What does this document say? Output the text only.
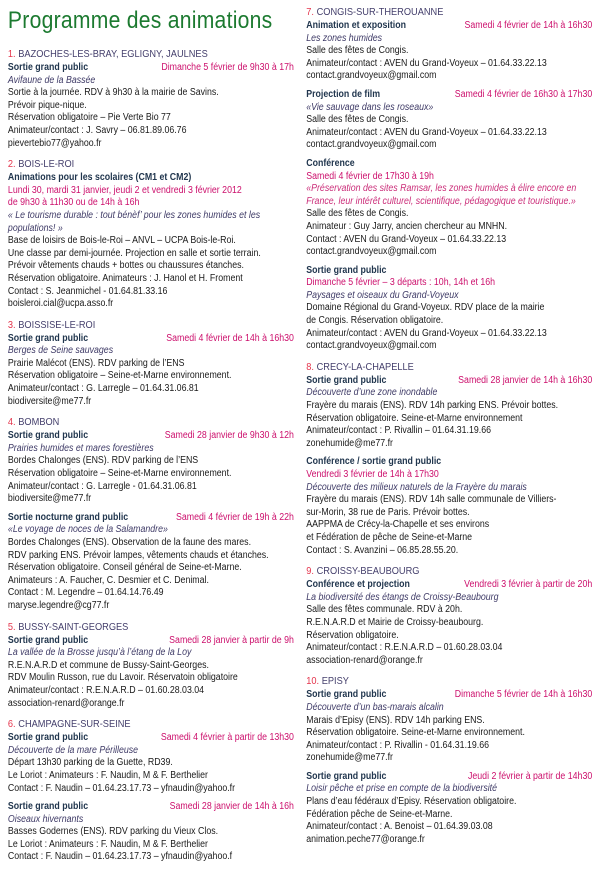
Programme des animations
1. BAZOCHES-LES-BRAY, EGLIGNY, JAULNES
Sortie grand public	Dimanche 5 février de 9h30 à 17h
Avifaune de la Bassée
Sortie à la journée. RDV à 9h30 à la mairie de Savins.
Prévoir pique-nique.
Réservation obligatoire – Pie Verte Bio 77
Animateur/contact : J. Savry – 06.81.89.06.76
pievertebio77@yahoo.fr
2. BOIS-LE-ROI
Animations pour les scolaires (CM1 et CM2)
Lundi 30, mardi 31 janvier, jeudi 2 et vendredi 3 février 2012
de 9h30 à 11h30 ou de 14h à 16h
« Le tourisme durable : tout bénèf’ pour les zones humides et les populations! »
Base de loisirs de Bois-le-Roi – ANVL – UCPA Bois-le-Roi.
Une classe par demi-journée. Projection en salle et sortie terrain.
Prévoir vêtements chauds + bottes ou chaussures étanches.
Réservation obligatoire. Animateurs : J. Hanol et H. Froment
Contact : S. Jeanmichel - 01.64.81.33.16
boisleroi.cial@ucpa.asso.fr
3. BOISSISE-LE-ROI
Sortie grand public	Samedi 4 février de 14h à 16h30
Berges de Seine sauvages
Prairie Malécot (ENS). RDV parking de l’ENS
Réservation obligatoire – Seine-et-Marne environnement.
Animateur/contact : G. Larregle – 01.64.31.06.81
biodiversite@me77.fr
4. BOMBON
Sortie grand public	Samedi 28 janvier de 9h30 à 12h
Prairies humides et mares forestières
Bordes Chalonges (ENS). RDV parking de l’ENS
Réservation obligatoire – Seine-et-Marne environnement.
Animateur/contact : G. Larregle - 01.64.31.06.81
biodiversite@me77.fr
Sortie nocturne grand public	Samedi 4 février de 19h à 22h
«Le voyage de noces de la Salamandre»
Bordes Chalonges (ENS). Observation de la faune des mares.
RDV parking ENS. Prévoir lampes, vêtements chauds et étanches.
Réservation obligatoire. Conseil général de Seine-et-Marne.
Animateurs : A. Faucher, C. Desmier et C. Denimal.
Contact : M. Legendre – 01.64.14.76.49
maryse.legendre@cg77.fr
5. BUSSY-SAINT-GEORGES
Sortie grand public	Samedi 28 janvier à partir de 9h
La vallée de la Brosse jusqu’à l’étang de la Loy
R.E.N.A.R.D et commune de Bussy-Saint-Georges.
RDV Moulin Russon, rue du Lavoir. Réservatoin obligatoire
Animateur/contact : R.E.N.A.R.D – 01.60.28.03.04
association-renard@orange.fr
6. CHAMPAGNE-SUR-SEINE
Sortie grand public	Samedi 4 février à partir de 13h30
Découverte de la mare Périlleuse
Départ 13h30 parking de la Guette, RD39.
Le Loriot : Animateurs : F. Naudin, M & F. Berthelier
Contact : F. Naudin – 01.64.23.17.73 – yfnaudin@yahoo.fr
Sortie grand public	Samedi 28 janvier de 14h à 16h
Oiseaux hivernants
Basses Godernes (ENS). RDV parking du Vieux Clos.
Le Loriot : Animateurs : F. Naudin, M & F. Berthelier
Contact : F. Naudin – 01.64.23.17.73 – yfnaudin@yahoo.f
7. CONGIS-SUR-THEROUANNE
Animation et exposition	Samedi 4 février de 14h à 16h30
Les zones humides
Salle des fêtes de Congis.
Animateur/contact : AVEN du Grand-Voyeux – 01.64.33.22.13
contact.grandvoyeux@gmail.com
Projection de film	Samedi 4 février de 16h30 à 17h30
«Vie sauvage dans les roseaux»
Salle des fêtes de Congis.
Animateur/contact : AVEN du Grand-Voyeux – 01.64.33.22.13
contact.grandvoyeux@gmail.com
Conférence
Samedi 4 février de 17h30 à 19h
«Préservation des sites Ramsar, les zones humides à élire encore en France, leur intérêt culturel, scientifique, pédagogique et touristique.»
Salle des fêtes de Congis.
Animateur : Guy Jarry, ancien chercheur au MNHN.
Contact : AVEN du Grand-Voyeux – 01.64.33.22.13
contact.grandvoyeux@gmail.com
Sortie grand public
Dimanche 5 février – 3 départs : 10h, 14h et 16h
Paysages et oiseaux du Grand-Voyeux
Domaine Régional du Grand-Voyeux. RDV place de la mairie
de Congis. Réservation obligatoire.
Animateur/contact : AVEN du Grand-Voyeux – 01.64.33.22.13
contact.grandvoyeux@gmail.com
8. CRECY-LA-CHAPELLE
Sortie grand public	Samedi 28 janvier de 14h à 16h30
Découverte d’une zone inondable
Frayère du marais (ENS). RDV 14h parking ENS. Prévoir bottes.
Réservation obligatoire. Seine-et-Marne environnement
Animateur/contact : P. Rivallin – 01.64.31.19.66
zonehumide@me77.fr
Conférence / sortie grand public
Vendredi 3 février de 14h à 17h30
Découverte des milieux naturels de la Frayère du marais
Frayère du marais (ENS). RDV 14h salle communale de Villiers-
sur-Morin, 38 rue de Paris. Prévoir bottes.
AAPPMA de Crécy-la-Chapelle et ses environs
et Fédération de pêche de Seine-et-Marne
Contact : S. Avanzini – 06.85.28.55.20.
9. CROISSY-BEAUBOURG
Conférence et projection	Vendredi 3 février à partir de 20h
La biodiversité des étangs de Croissy-Beaubourg
Salle des fêtes communale. RDV à 20h.
R.E.N.A.R.D et Mairie de Croissy-beaubourg.
Réservation obligatoire.
Animateur/contact : R.E.N.A.R.D – 01.60.28.03.04
association-renard@orange.fr
10. EPISY
Sortie grand public	Dimanche 5 février de 14h à 16h30
Découverte d’un bas-marais alcalin
Marais d’Episy (ENS). RDV 14h parking ENS.
Réservation obligatoire. Seine-et-Marne environnement.
Animateur/contact : P. Rivallin - 01.64.31.19.66
zonehumide@me77.fr
Sortie grand public	Jeudi 2 février à partir de 14h30
Loisir pêche et prise en compte de la biodiversité
Plans d’eau fédéraux d’Episy. Réservation obligatoire.
Fédération pêche de Seine-et-Marne.
Animateur/contact : A. Benoist – 01.64.39.03.08
animation.peche77@orange.fr
